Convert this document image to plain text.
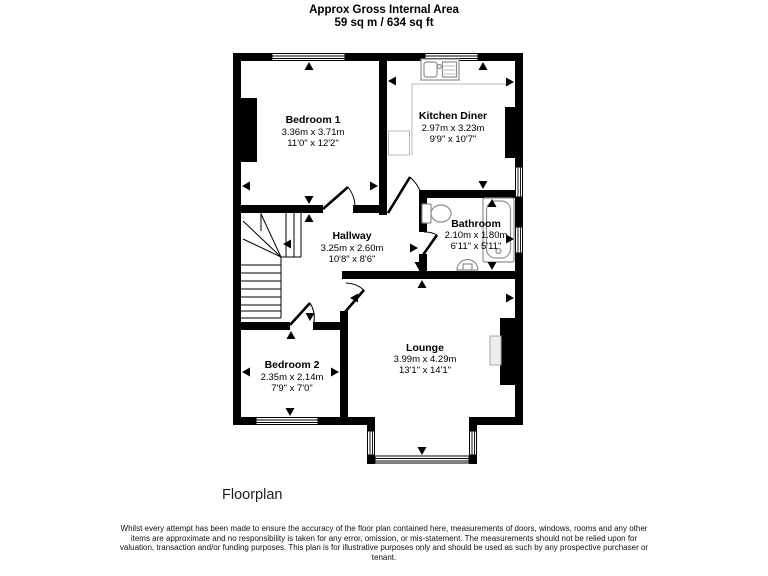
Approx Gross Internal Area
59 sq m / 634 sq ft
Bedroom 1
3.36m x 3.71m
11'0" x 12'2"
Kitchen Diner
2.97m x 3.23m
9'9" x 10'7"
Bathroom
2.10m x 1.80m
6'11" x 5'11"
Hallway
3.25m x 2.60m
10'8" x 8'6"
Bedroom 2
2.35m x 2.14m
7'9" x 7'0"
Lounge
3.99m x 4.29m
13'1" x 14'1"
Floorplan
Whilst every attempt has been made to ensure the accuracy of the floor plan contained here, measurements of doors, windows, rooms and any other items are approximate and no responsibility is taken for any error, omission, or mis-statement. The measurements should not be relied upon for valuation, transaction and/or funding purposes. This plan is for illustrative purposes only and should be used as such by any prospective purchaser or tenant.
